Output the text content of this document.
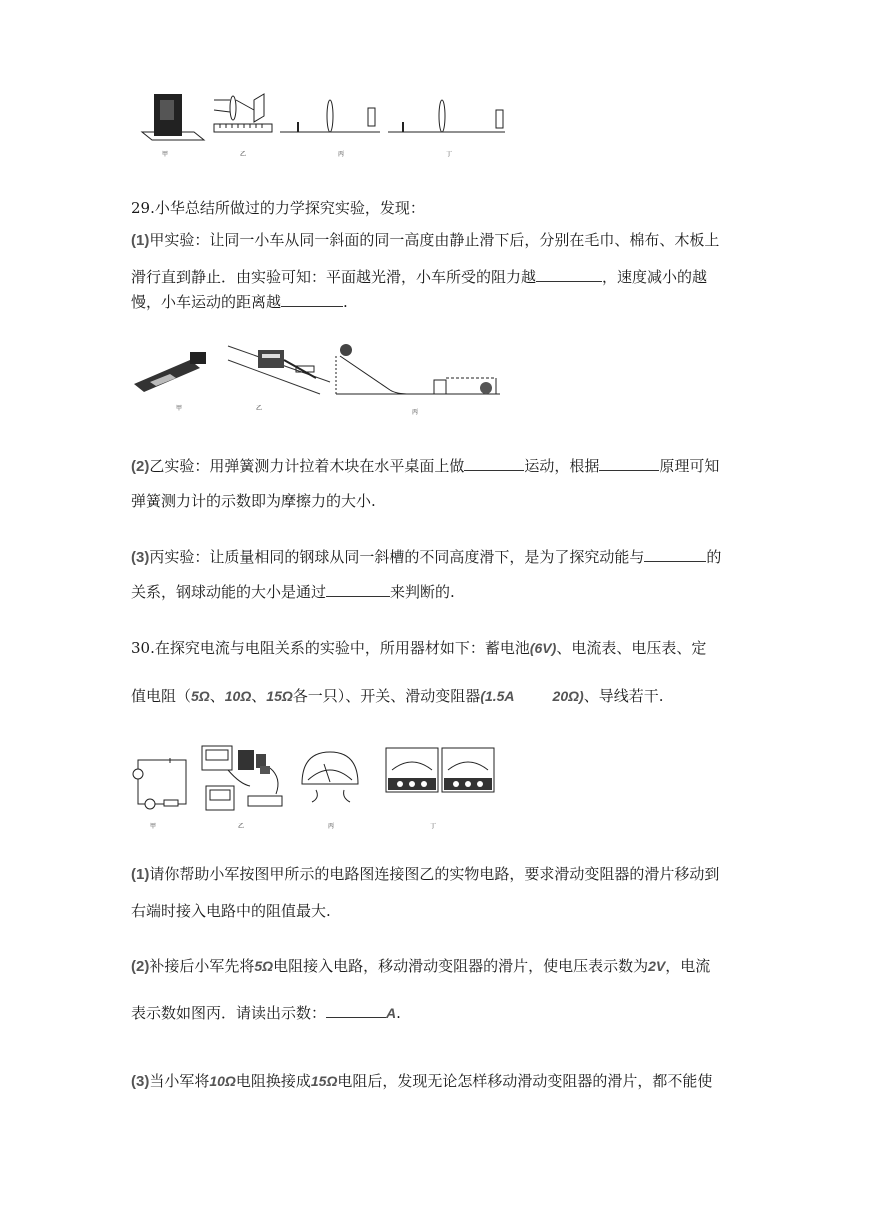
甲	乙	丙	丁
29.小华总结所做过的力学探究实验，发现：
(1)甲实验：让同一小车从同一斜面的同一高度由静止滑下后，分别在毛巾、棉布、木板上
滑行直到静止．由实验可知：平面越光滑，小车所受的阻力越	，速度减小的越
慢，小车运动的距离越	.
甲	乙
丙
(2)乙实验：用弹簧测力计拉着木块在水平桌面上做	运动，根据	原理可知
弹簧测力计的示数即为摩擦力的大小.
(3)丙实验：让质量相同的钢球从同一斜槽的不同高度滑下，是为了探究动能与	的
关系，钢球动能的大小是通过	来判断的.
30.在探究电流与电阻关系的实验中，所用器材如下：蓄电池(6V)、电流表、电压表、定
值电阻（5Ω、10Ω、15Ω各一只）、开关、滑动变阻器(1.5A	20Ω)、导线若干.
甲	乙	丙	丁
(1)请你帮助小军按图甲所示的电路图连接图乙的实物电路，要求滑动变阻器的滑片移动到
右端时接入电路中的阻值最大.
(2)补接后小军先将5Ω电阻接入电路，移动滑动变阻器的滑片，使电压表示数为2V，电流
表示数如图丙．请读出示数：	A.
(3)当小军将10Ω电阻换接成15Ω电阻后，发现无论怎样移动滑动变阻器的滑片，都不能使
